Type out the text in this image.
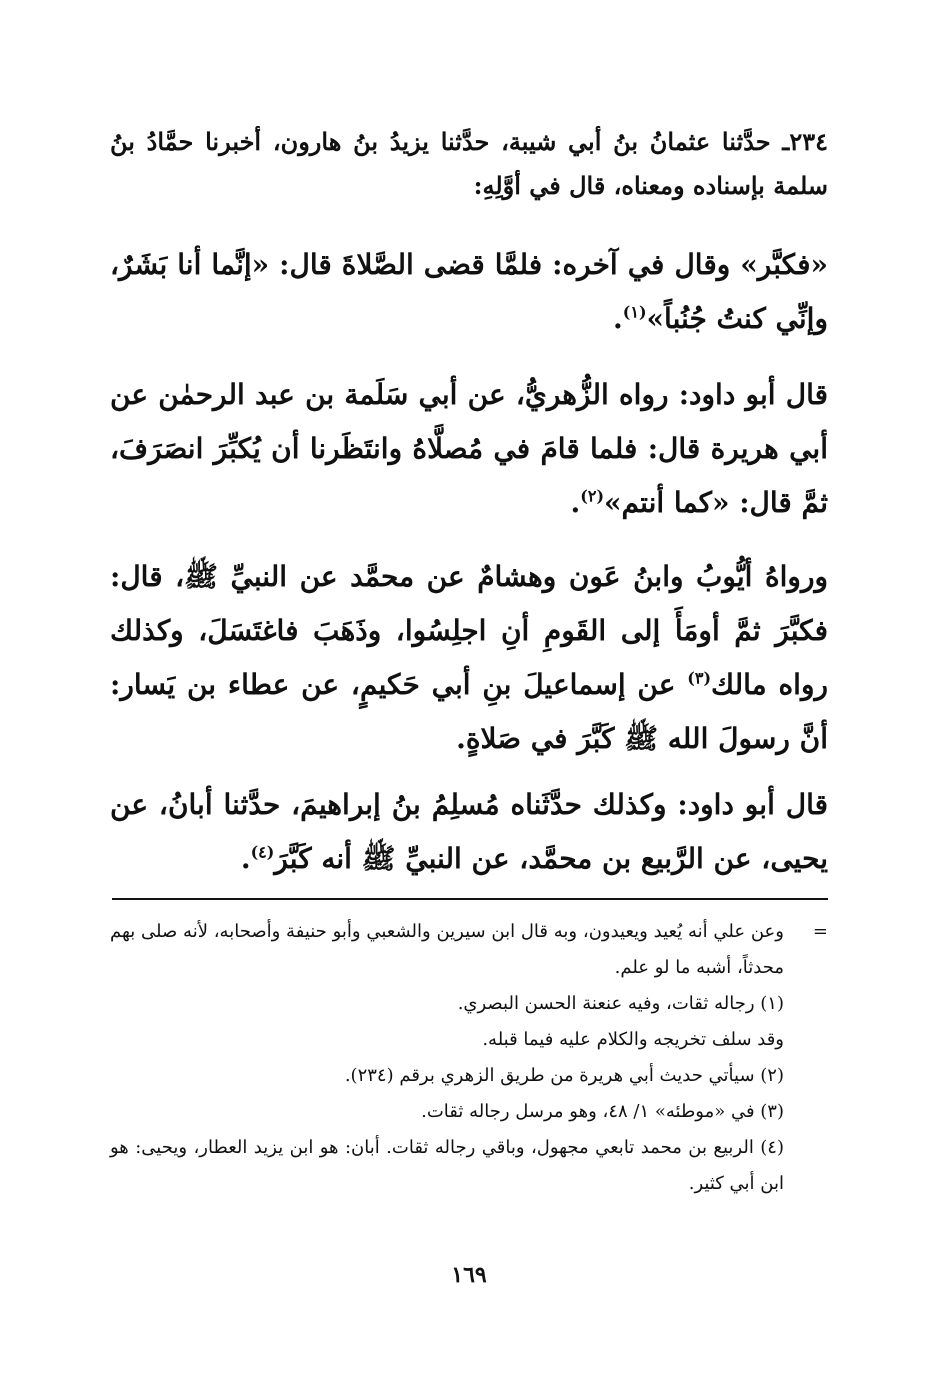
٢٣٤ـ حدَّثنا عثمانُ بنُ أبي شيبة، حدَّثنا يزيدُ بنُ هارون، أخبرنا حمَّادُ بنُ سلمة بإسناده ومعناه، قال في أوَّلِهِ:
«فكبَّر» وقال في آخره: فلمَّا قضى الصَّلاةَ قال: «إنَّما أنا بَشَرٌ، وإنِّي كنتُ جُنُباً»$^{(١)}$.
قال أبو داود: رواه الزُّهريُّ، عن أبي سَلَمة بن عبد الرحمٰن عن أبي هريرة قال: فلما قامَ في مُصلَّاهُ وانتَظَرنا أن يُكبِّرَ انصَرَفَ، ثمَّ قال: «كما أنتم»$^{(٢)}$.
ورواهُ أيُّوبُ وابنُ عَون وهشامٌ عن محمَّد عن النبيِّ ﷺ، قال: فكبَّرَ ثمَّ أومَأَ إلى القَومِ أنِ اجلِسُوا، وذَهَبَ فاغتَسَلَ، وكذلك رواه مالك$^{(٣)}$ عن إسماعيلَ بنِ أبي حَكيمٍ، عن عطاء بن يَسار: أنَّ رسولَ الله ﷺ كَبَّرَ في صَلاةٍ.
قال أبو داود: وكذلك حدَّثَناه مُسلِمُ بنُ إبراهيمَ، حدَّثنا أبانُ، عن يحيى، عن الرَّبيع بن محمَّد، عن النبيِّ ﷺ أنه كَبَّرَ$^{(٤)}$.

=
وعن علي أنه يُعيد ويعيدون، وبه قال ابن سيرين والشعبي وأبو حنيفة وأصحابه، لأنه صلى بهم محدثاً، أشبه ما لو علم.

(١) رجاله ثقات، وفيه عنعنة الحسن البصري.

وقد سلف تخريجه والكلام عليه فيما قبله.

(٢) سيأتي حديث أبي هريرة من طريق الزهري برقم (٢٣٤).

(٣) في «موطئه» ١/ ٤٨، وهو مرسل رجاله ثقات.

(٤) الربيع بن محمد تابعي مجهول، وباقي رجاله ثقات. أبان: هو ابن يزيد العطار، ويحيى: هو ابن أبي كثير.

١٦٩
